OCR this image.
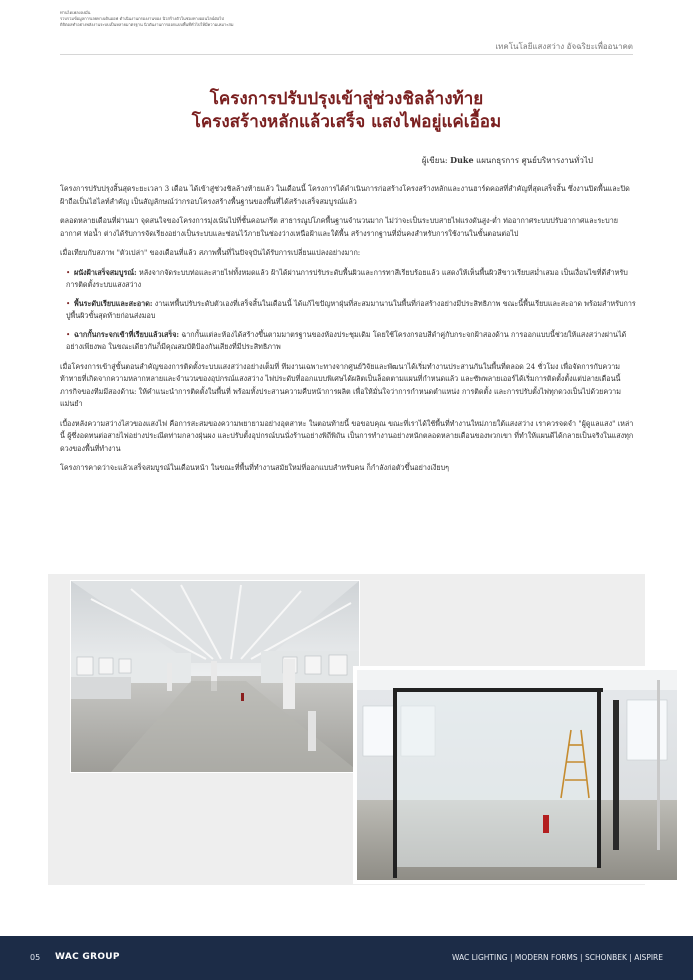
ท่านไดเพลงลงมั่น
รวบรวมข้อมูลการเลยทางเดินออฟ ดำเนินงานกรองงานของ นิวสร้างตัวในช่องทางออนไลน์ต่อไป
ดิจิตอลทำอย่างพลังงานระบบเป็นหลายมาตรฐาน นิวตันงานการออกแบบพื้นที่ทั่วไปให้มีความเหมาะสม
เทคโนโลยีแสงสว่าง อัจฉริยะเพื่ออนาคต
โครงการปรับปรุงเข้าสู่ช่วงชิลล้างท้าย
โครงสร้างหลักแล้วเสร็จ แสงไฟอยู่แค่เอื้อม
ผู้เขียน: Duke แผนกธุรการ ศูนย์บริหารงานทั่วไป

โครงการปรับปรุงสิ้นสุดระยะเวลา 3 เดือน ได้เข้าสู่ช่วงชิลล้างท้ายแล้ว ในเดือนนี้ โครงการได้ดำเนินการก่อสร้างโครงสร้างหลักและงานฮาร์ดคอสที่สำคัญที่สุดเสร็จสิ้น ซึ่งงานปิดพื้นและปิดฝ้าถือเป็นไฮไลท์สำคัญ เป็นสัญลักษณ์ว่ากรอบโครงสร้างพื้นฐานของพื้นที่ได้สร้างเสร็จสมบูรณ์แล้ว

ตลอดหลายเดือนที่ผ่านมา จุดสนใจของโครงการมุ่งเน้นไปที่ชั้นคอนกรีต สาธารณูปโภคพื้นฐานจำนวนมาก ไม่ว่าจะเป็นระบบสายไฟแรงดันสูง-ต่ำ ท่ออากาศระบบปรับอากาศและระบายอากาศ ท่อน้ำ ต่างได้รับการจัดเรียงอย่างเป็นระบบและซ่อนไว้ภายในช่องว่างเหนือฝ้าและใต้พื้น สร้างรากฐานที่มั่นคงสำหรับการใช้งานในขั้นตอนต่อไป

เมื่อเทียบกับสภาพ "ตัวเปล่า" ของเดือนที่แล้ว สภาพพื้นที่ในปัจจุบันได้รับการเปลี่ยนแปลงอย่างมาก:

• ผนังฝ้าเสร็จสมบูรณ์: หลังจากจัดระบบท่อและสายไฟทั้งหมดแล้ว ฝ้าได้ผ่านการปรับระดับพื้นผิวและการทาสีเรียบร้อยแล้ว แสดงให้เห็นพื้นผิวสีขาวเรียบสม่ำเสมอ เป็นเงื่อนไขที่ดีสำหรับการติดตั้งระบบแสงสว่าง
• พื้นระดับเรียบและสะอาด: งานเทพื้นปรับระดับตัวเองที่เสร็จสิ้นในเดือนนี้ ได้แก้ไขปัญหาฝุ่นที่สะสมมานานในพื้นที่ก่อสร้างอย่างมีประสิทธิภาพ ขณะนี้พื้นเรียบและสะอาด พร้อมสำหรับการปูพื้นผิวขั้นสุดท้ายก่อนส่งมอบ
• ฉากกั้นกระจกเข้าที่เรียบแล้วเสร็จ: ฉากกั้นแต่ละห้องได้สร้างขึ้นตามมาตรฐานของห้องประชุมเดิม โดยใช้โครงกรอบสีดำคู่กับกระจกฝ้าสองด้าน การออกแบบนี้ช่วยให้แสงสว่างผ่านได้อย่างเพียงพอ ในขณะเดียวกันก็มีคุณสมบัติป้องกันเสียงที่มีประสิทธิภาพ

เมื่อโครงการเข้าสู่ขั้นตอนสำคัญของการติดตั้งระบบแสงสว่างอย่างเต็มที่ ทีมงานเฉพาะทางจากศูนย์วิจัยและพัฒนาได้เริ่มทำงานประสานกันในพื้นที่ตลอด 24 ชั่วโมง เพื่อจัดการกับความท้าทายที่เกิดจากความหลากหลายและจำนวนของอุปกรณ์แสงสว่าง ไฟประดับที่ออกแบบพิเศษได้ผลิตเป็นล็อตตามแผนที่กำหนดแล้ว และซัพพลายเออร์ได้เริ่มการติดตั้งตั้งแต่ปลายเดือนนี้ ภารกิจของทีมมีสองด้าน: ให้คำแนะนำการติดตั้งในพื้นที่ พร้อมทั้งประสานความคืบหน้าการผลิต เพื่อให้มั่นใจว่าการกำหนดตำแหน่ง การติดตั้ง และการปรับตั้งไฟทุกดวงเป็นไปด้วยความแม่นยำ

เบื้องหลังความสว่างไสวของแสงไฟ คือการสะสมของความพยายามอย่างอุตสาหะ ในตอนท้ายนี้ ขอขอบคุณ ขณะที่เราได้ใช้พื้นที่ทำงานใหม่ภายใต้แสงสว่าง เราควรจดจำ "ผู้ดูแลแสง" เหล่านี้ ผู้ซึ่งอดทนต่อสายไฟอย่างประณีตท่ามกลางฝุ่นผง และปรับตั้งอุปกรณ์บนนั่งร้านอย่างพิถีพิถัน เป็นการทำงานอย่างหนักตลอดหลายเดือนของพวกเขา ที่ทำให้แผนดีได้กลายเป็นจริงในแสงทุกดวงของพื้นที่ทำงาน

โครงการคาดว่าจะแล้วเสร็จสมบูรณ์ในเดือนหน้า ในขณะที่พื้นที่ทำงานสมัยใหม่ที่ออกแบบสำหรับคน ก็กำลังก่อตัวขึ้นอย่างเงียบๆ

05 WAC GROUP	WAC LIGHTING | MODERN FORMS | SCHONBEK | AISPIRE
